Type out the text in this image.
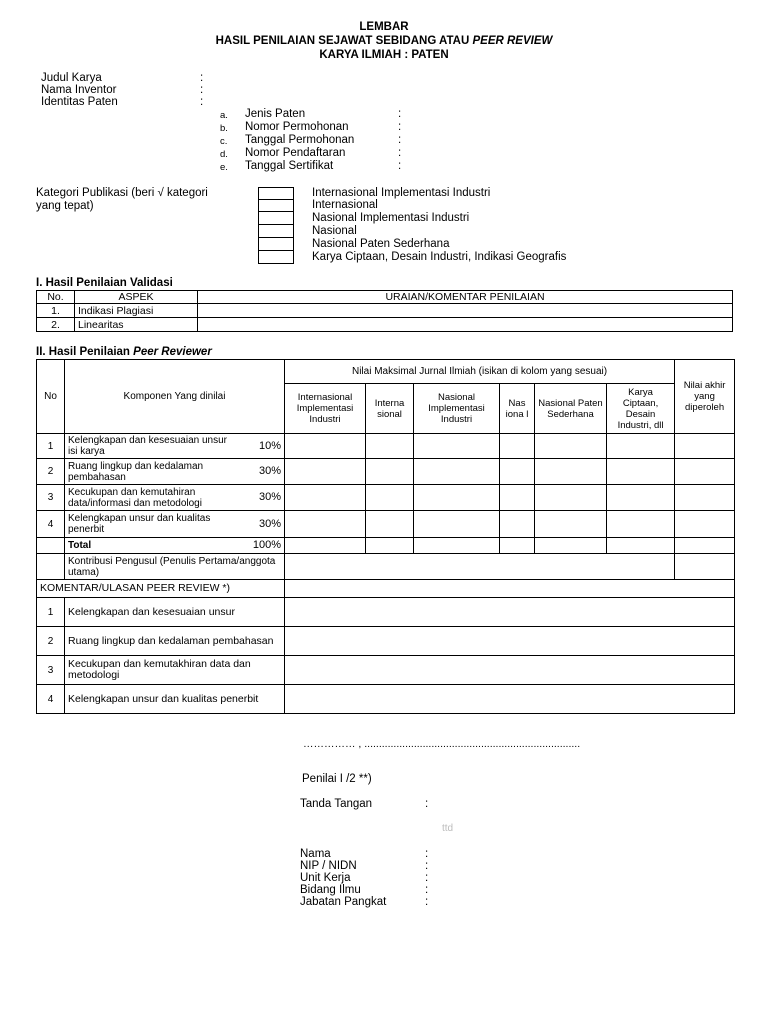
LEMBAR
HASIL PENILAIAN SEJAWAT SEBIDANG ATAU PEER REVIEW
KARYA ILMIAH : PATEN
Judul Karya	:
Nama Inventor	:
Identitas Paten	:
a. Jenis Paten	:
b. Nomor Permohonan	:
c. Tanggal Permohonan	:
d. Nomor Pendaftaran	:
e. Tanggal Sertifikat	:
Kategori Publikasi (beri √ kategori
yang tepat)
Internasional Implementasi Industri
Internasional
Nasional Implementasi Industri
Nasional
Nasional Paten Sederhana
Karya Ciptaan, Desain Industri, Indikasi Geografis
I. Hasil Penilaian Validasi
No.	ASPEK	URAIAN/KOMENTAR PENILAIAN
1.	Indikasi Plagiasi	
2.	Linearitas	
II. Hasil Penilaian Peer Reviewer
No	Komponen Yang dinilai	Nilai Maksimal Jurnal Ilmiah (isikan di kolom yang sesuai)						Nilai akhir yang diperoleh
		Internasional Implementasi Industri	Interna sional	Nasional Implementasi Industri	Nas iona l	Nasional Paten Sederhana	Karya Ciptaan, Desain Industri, dll	
1	Kelengkapan dan kesesuaian unsur isi karya 10%							

2	Ruang lingkup dan kedalaman pembahasan 30%							

3	Kecukupan dan kemutahiran data/informasi dan metodologi 30%							

4	Kelengkapan unsur dan kualitas penerbit 30%							

	Total 100%							

	Kontribusi Pengusul (Penulis Pertama/anggota utama)							
KOMENTAR/ULASAN PEER REVIEW *)								
1	Kelengkapan dan kesesuaian unsur							
2	Ruang lingkup dan kedalaman pembahasan							
3	Kecukupan dan kemutakhiran data dan metodologi							
4	Kelengkapan unsur dan kualitas penerbit							
…………… , ..........................................................................
Penilai I /2 **)
Tanda Tangan	:
ttd
Nama	:
NIP / NIDN	:
Unit Kerja	:
Bidang Ilmu	:
Jabatan Pangkat	:
